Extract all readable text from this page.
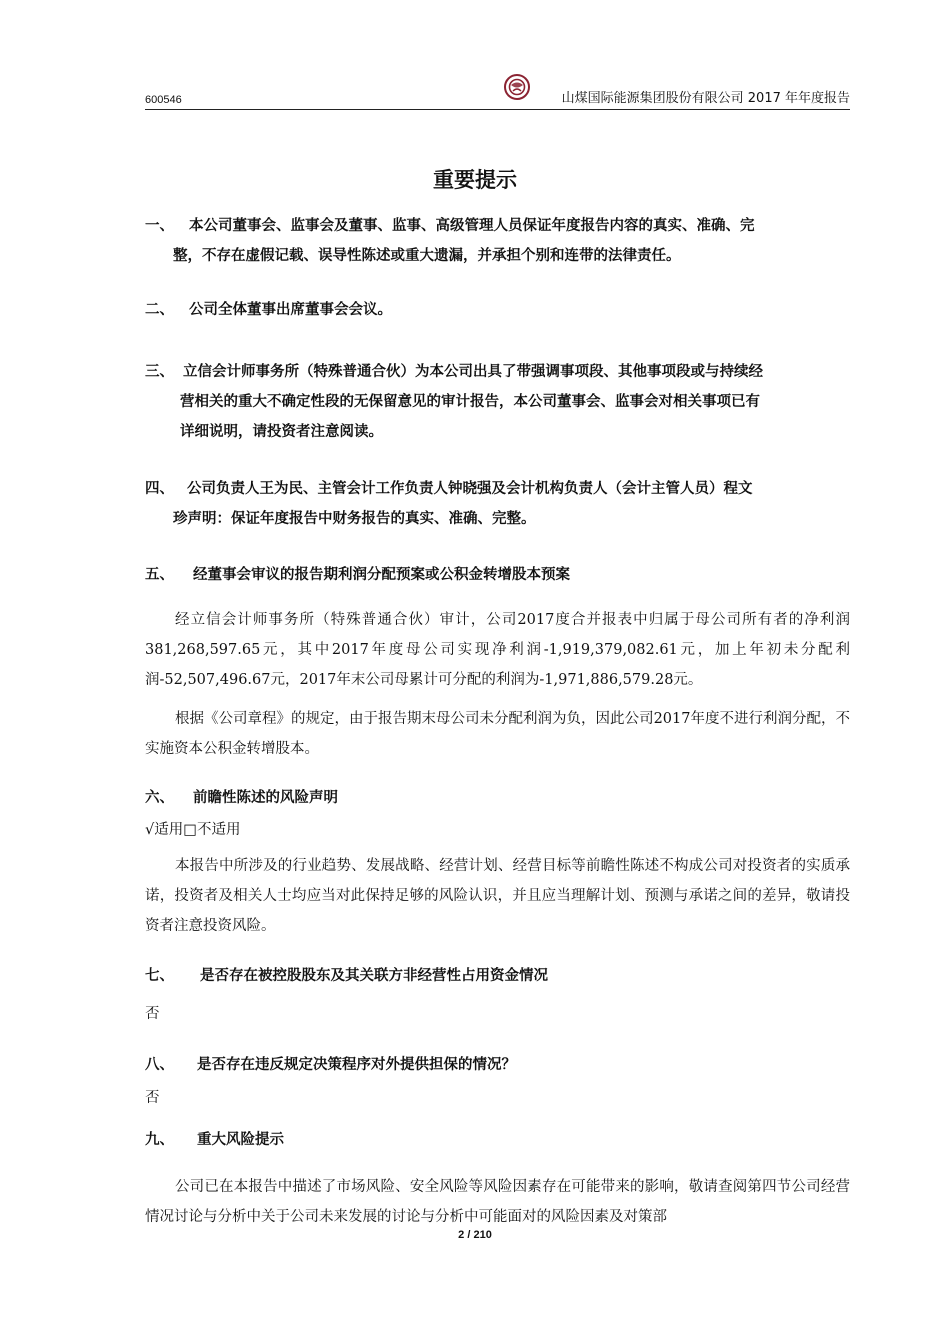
600546	山煤国际能源集团股份有限公司 2017 年年度报告
重要提示
一、 本公司董事会、监事会及董事、监事、高级管理人员保证年度报告内容的真实、准确、完
整，不存在虚假记载、误导性陈述或重大遗漏，并承担个别和连带的法律责任。
二、 公司全体董事出席董事会会议。
三、 立信会计师事务所（特殊普通合伙）为本公司出具了带强调事项段、其他事项段或与持续经
营相关的重大不确定性段的无保留意见的审计报告，本公司董事会、监事会对相关事项已有
详细说明，请投资者注意阅读。
四、 公司负责人王为民、主管会计工作负责人钟晓强及会计机构负责人（会计主管人员）程文
珍声明：保证年度报告中财务报告的真实、准确、完整。
五、 经董事会审议的报告期利润分配预案或公积金转增股本预案

经立信会计师事务所（特殊普通合伙）审计，公司2017度合并报表中归属于母公司所有者的净利润381,268,597.65元，其中2017年度母公司实现净利润-1,919,379,082.61元，加上年初未分配利润-52,507,496.67元，2017年末公司母累计可分配的利润为-1,971,886,579.28元。

根据《公司章程》的规定，由于报告期末母公司未分配利润为负，因此公司2017年度不进行利润分配，不实施资本公积金转增股本。

六、 前瞻性陈述的风险声明
√适用□不适用

本报告中所涉及的行业趋势、发展战略、经营计划、经营目标等前瞻性陈述不构成公司对投资者的实质承诺，投资者及相关人士均应当对此保持足够的风险认识，并且应当理解计划、预测与承诺之间的差异，敬请投资者注意投资风险。

七、 是否存在被控股股东及其关联方非经营性占用资金情况
否
八、 是否存在违反规定决策程序对外提供担保的情况？
否
九、 重大风险提示

公司已在本报告中描述了市场风险、安全风险等风险因素存在可能带来的影响，敬请查阅第四节公司经营情况讨论与分析中关于公司未来发展的讨论与分析中可能面对的风险因素及对策部

2 / 210
